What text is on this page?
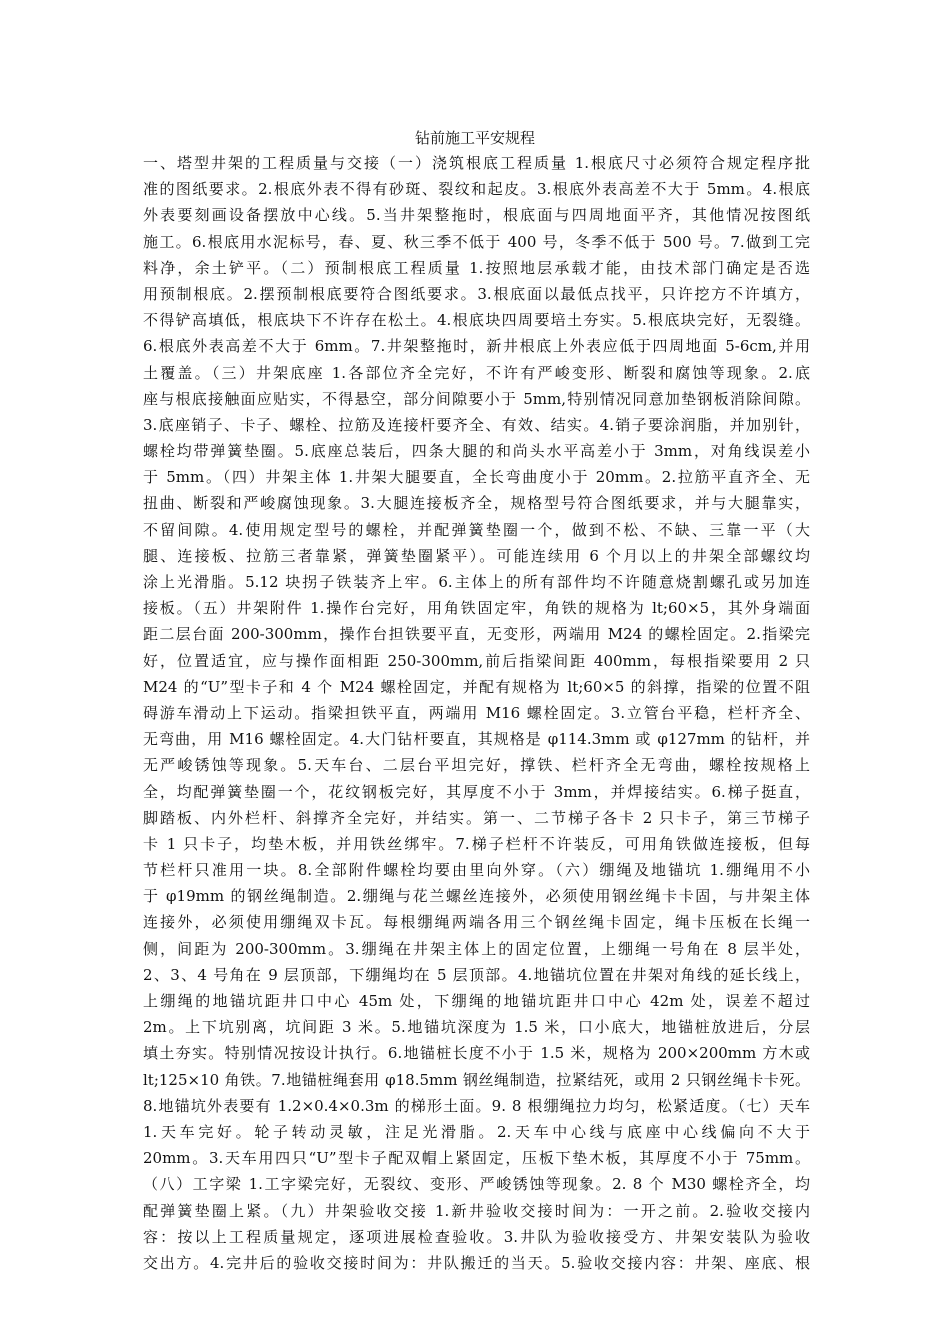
钻前施工平安规程
一、塔型井架的工程质量与交接（一）浇筑根底工程质量 1.根底尺寸必须符合规定程序批
准的图纸要求。2.根底外表不得有砂斑、裂纹和起皮。3.根底外表高差不大于 5mm。4.根底
外表要刻画设备摆放中心线。5.当井架整拖时，根底面与四周地面平齐，其他情况按图纸
施工。6.根底用水泥标号，春、夏、秋三季不低于 400 号，冬季不低于 500 号。7.做到工完
料净，余土铲平。（二）预制根底工程质量 1.按照地层承载才能，由技术部门确定是否选
用预制根底。2.摆预制根底要符合图纸要求。3.根底面以最低点找平，只许挖方不许填方，
不得铲高填低，根底块下不许存在松土。4.根底块四周要培土夯实。5.根底块完好，无裂缝。
6.根底外表高差不大于 6mm。7.井架整拖时，新井根底上外表应低于四周地面 5-6cm,并用
土覆盖。（三）井架底座 1.各部位齐全完好，不许有严峻变形、断裂和腐蚀等现象。2.底
座与根底接触面应贴实，不得悬空，部分间隙要小于 5mm,特别情况同意加垫钢板消除间隙。
3.底座销子、卡子、螺栓、拉筋及连接杆要齐全、有效、结实。4.销子要涂润脂，并加别针，
螺栓均带弹簧垫圈。5.底座总装后，四条大腿的和尚头水平高差小于 3mm，对角线误差小
于 5mm。（四）井架主体 1.井架大腿要直，全长弯曲度小于 20mm。2.拉筋平直齐全、无
扭曲、断裂和严峻腐蚀现象。3.大腿连接板齐全，规格型号符合图纸要求，并与大腿靠实，
不留间隙。4.使用规定型号的螺栓，并配弹簧垫圈一个，做到不松、不缺、三靠一平（大
腿、连接板、拉筋三者靠紧，弹簧垫圈紧平）。可能连续用 6 个月以上的井架全部螺纹均
涂上光滑脂。5.12 块拐子铁装齐上牢。6.主体上的所有部件均不许随意烧割螺孔或另加连
接板。（五）井架附件 1.操作台完好，用角铁固定牢，角铁的规格为 lt;60×5，其外身端面
距二层台面 200-300mm，操作台担铁要平直，无变形，两端用 M24 的螺栓固定。2.指梁完
好，位置适宜，应与操作面相距 250-300mm,前后指梁间距 400mm，每根指梁要用 2 只
M24 的“U”型卡子和 4 个 M24 螺栓固定，并配有规格为 lt;60×5 的斜撑，指梁的位置不阻
碍游车滑动上下运动。指梁担铁平直，两端用 M16 螺栓固定。3.立管台平稳，栏杆齐全、
无弯曲，用 M16 螺栓固定。4.大门钻杆要直，其规格是 φ114.3mm 或 φ127mm 的钻杆，并
无严峻锈蚀等现象。5.天车台、二层台平坦完好，撑铁、栏杆齐全无弯曲，螺栓按规格上
全，均配弹簧垫圈一个，花纹钢板完好，其厚度不小于 3mm，并焊接结实。6.梯子挺直，
脚踏板、内外栏杆、斜撑齐全完好，并结实。第一、二节梯子各卡 2 只卡子，第三节梯子
卡 1 只卡子，均垫木板，并用铁丝绑牢。7.梯子栏杆不许装反，可用角铁做连接板，但每
节栏杆只准用一块。8.全部附件螺栓均要由里向外穿。（六）绷绳及地锚坑 1.绷绳用不小
于 φ19mm 的钢丝绳制造。2.绷绳与花兰螺丝连接外，必须使用钢丝绳卡卡固，与井架主体
连接外，必须使用绷绳双卡瓦。每根绷绳两端各用三个钢丝绳卡固定，绳卡压板在长绳一
侧，间距为 200-300mm。3.绷绳在井架主体上的固定位置，上绷绳一号角在 8 层半处，
2、3、4 号角在 9 层顶部，下绷绳均在 5 层顶部。4.地锚坑位置在井架对角线的延长线上，
上绷绳的地锚坑距井口中心 45m 处，下绷绳的地锚坑距井口中心 42m 处，误差不超过
2m。上下坑别离，坑间距 3 米。5.地锚坑深度为 1.5 米，口小底大，地锚桩放进后，分层
填土夯实。特别情况按设计执行。6.地锚桩长度不小于 1.5 米，规格为 200×200mm 方木或
lt;125×10 角铁。7.地锚桩绳套用 φ18.5mm 钢丝绳制造，拉紧结死，或用 2 只钢丝绳卡卡死。
8.地锚坑外表要有 1.2×0.4×0.3m 的梯形土面。9. 8 根绷绳拉力均匀，松紧适度。（七）天车
1.天车完好。轮子转动灵敏，注足光滑脂。2.天车中心线与底座中心线偏向不大于
20mm。3.天车用四只“U”型卡子配双帽上紧固定，压板下垫木板，其厚度不小于 75mm。
（八）工字梁 1.工字梁完好，无裂纹、变形、严峻锈蚀等现象。2. 8 个 M30 螺栓齐全，均
配弹簧垫圈上紧。（九）井架验收交接 1.新井验收交接时间为：一开之前。2.验收交接内
容：按以上工程质量规定，逐项进展检查验收。3.井队为验收接受方、井架安装队为验收
交出方。4.完井后的验收交接时间为：井队搬迁的当天。5.验收交接内容：井架、座底、根
